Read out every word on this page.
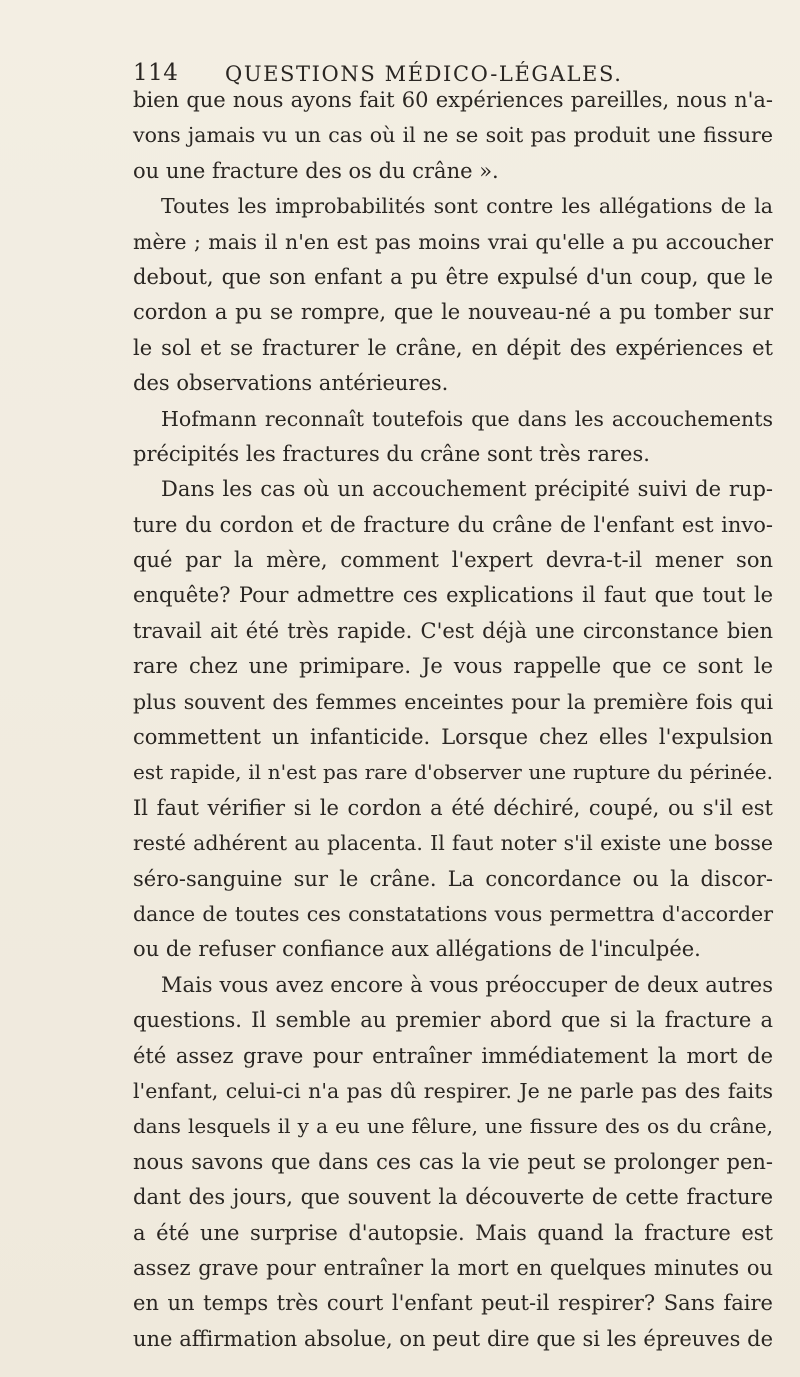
114 QUESTIONS MÉDICO-LÉGALES.
bien que nous ayons fait 60 expériences pareilles, nous n'a-
vons jamais vu un cas où il ne se soit pas produit une fissure
ou une fracture des os du crâne ».
Toutes les improbabilités sont contre les allégations de la
mère ; mais il n'en est pas moins vrai qu'elle a pu accoucher
debout, que son enfant a pu être expulsé d'un coup, que le
cordon a pu se rompre, que le nouveau-né a pu tomber sur
le sol et se fracturer le crâne, en dépit des expériences et
des observations antérieures.
Hofmann reconnaît toutefois que dans les accouchements
précipités les fractures du crâne sont très rares.
Dans les cas où un accouchement précipité suivi de rup-
ture du cordon et de fracture du crâne de l'enfant est invo-
qué par la mère, comment l'expert devra-t-il mener son
enquête? Pour admettre ces explications il faut que tout le
travail ait été très rapide. C'est déjà une circonstance bien
rare chez une primipare. Je vous rappelle que ce sont le
plus souvent des femmes enceintes pour la première fois qui
commettent un infanticide. Lorsque chez elles l'expulsion
est rapide, il n'est pas rare d'observer une rupture du périnée.
Il faut vérifier si le cordon a été déchiré, coupé, ou s'il est
resté adhérent au placenta. Il faut noter s'il existe une bosse
séro-sanguine sur le crâne. La concordance ou la discor-
dance de toutes ces constatations vous permettra d'accorder
ou de refuser confiance aux allégations de l'inculpée.
Mais vous avez encore à vous préoccuper de deux autres
questions. Il semble au premier abord que si la fracture a
été assez grave pour entraîner immédiatement la mort de
l'enfant, celui-ci n'a pas dû respirer. Je ne parle pas des faits
dans lesquels il y a eu une fêlure, une fissure des os du crâne,
nous savons que dans ces cas la vie peut se prolonger pen-
dant des jours, que souvent la découverte de cette fracture
a été une surprise d'autopsie. Mais quand la fracture est
assez grave pour entraîner la mort en quelques minutes ou
en un temps très court l'enfant peut-il respirer? Sans faire
une affirmation absolue, on peut dire que si les épreuves de
